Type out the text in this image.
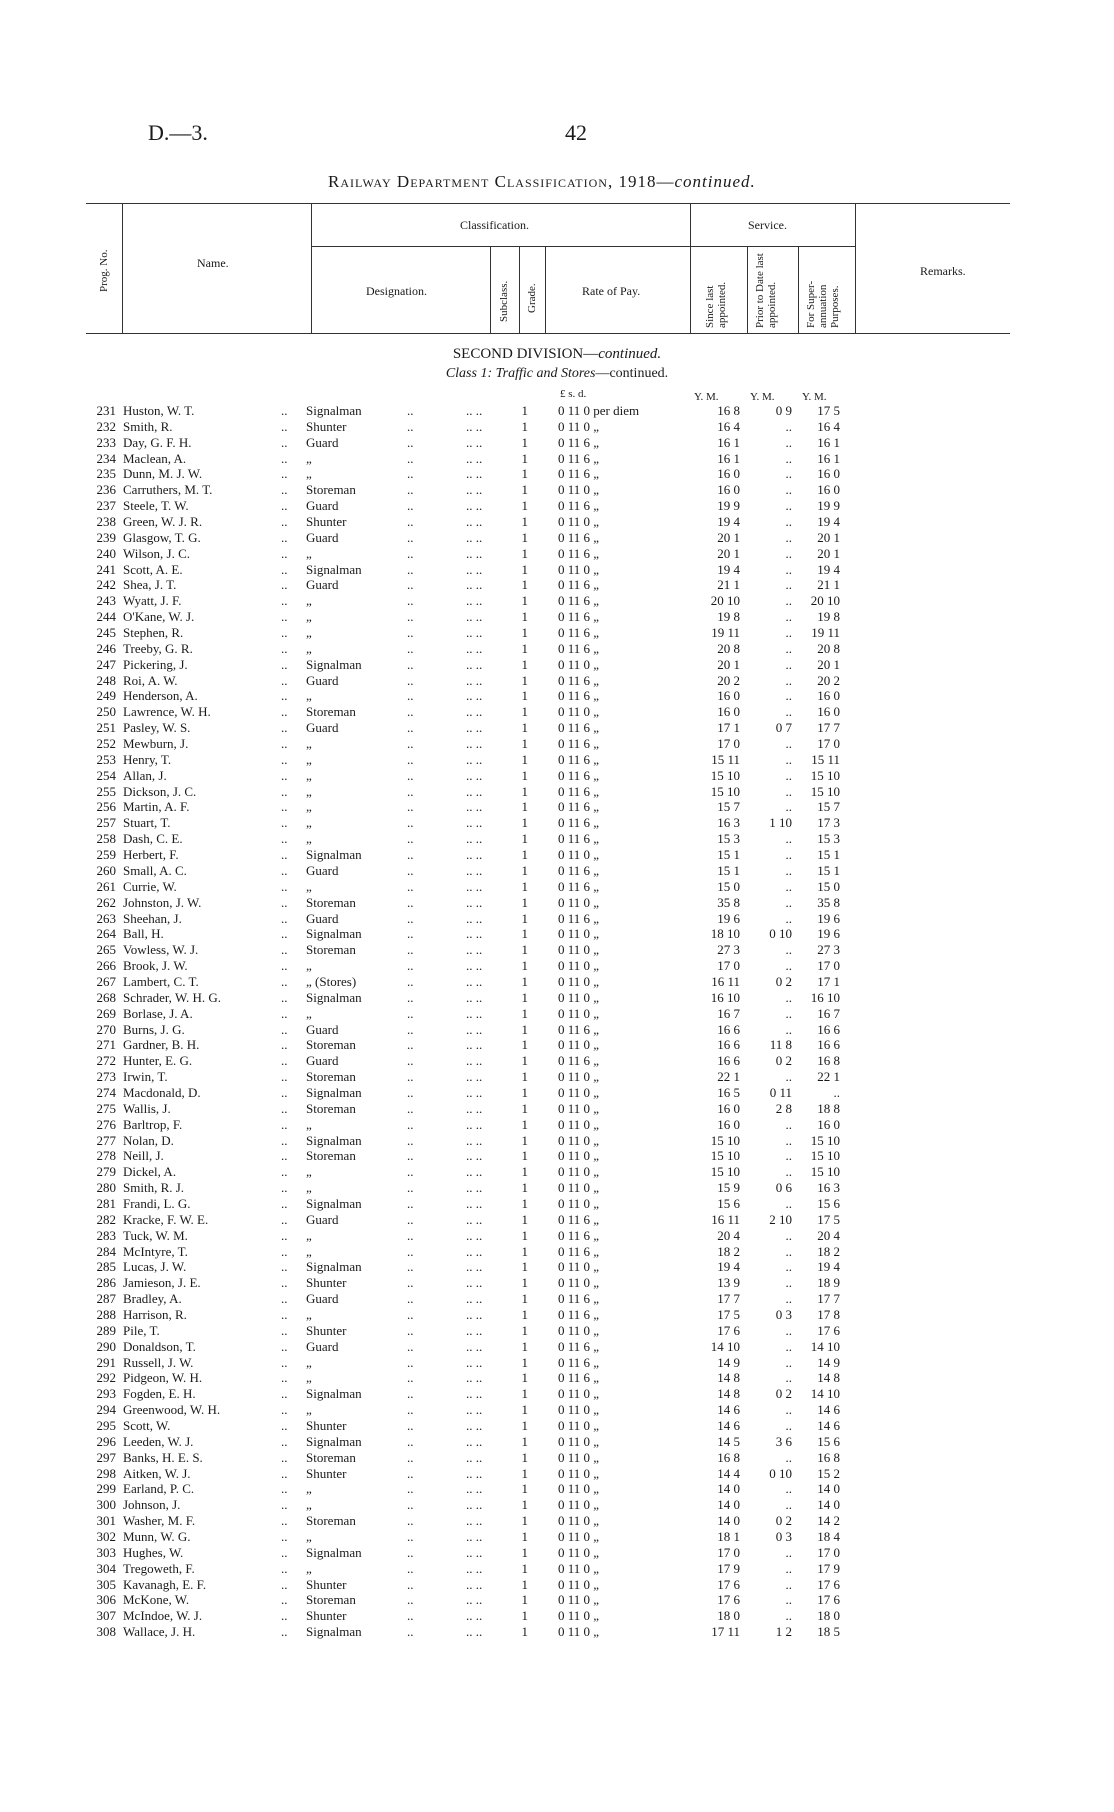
D.—3.	42
Railway Department Classification, 1918—continued.
Prog. No.	Name.
Classification.
Designation.	Subclass. Grade.	Rate of Pay.
Service.
Since last appointed. Prior to Date last appointed. For Super- annuation Purposes.
Remarks.
SECOND DIVISION—continued.
Class 1: Traffic and Stores—continued.
£ s. d.	Y. M.	Y. M. Y. M.
231 Huston, W. T.	.. Signalman	..	.. ..	1 0 11 0 per diem	16 8	0 9	17 5
232 Smith, R.	.. Shunter	..	.. ..	1 0 11 0 „	16 4	..	16 4
233 Day, G. F. H.	.. Guard	..	.. ..	1 0 11 6 „	16 1	..	16 1
234 Maclean, A.	.. „	..	.. ..	1 0 11 6 „	16 1	..	16 1
235 Dunn, M. J. W.	.. „	..	.. ..	1 0 11 6 „	16 0	..	16 0
236 Carruthers, M. T.	.. Storeman	..	.. ..	1 0 11 0 „	16 0	..	16 0
237 Steele, T. W.	.. Guard	..	.. ..	1 0 11 6 „	19 9	..	19 9
238 Green, W. J. R.	.. Shunter	..	.. ..	1 0 11 0 „	19 4	..	19 4
239 Glasgow, T. G.	.. Guard	..	.. ..	1 0 11 6 „	20 1	..	20 1
240 Wilson, J. C.	.. „	..	.. ..	1 0 11 6 „	20 1	..	20 1
241 Scott, A. E.	.. Signalman	..	.. ..	1 0 11 0 „	19 4	..	19 4
242 Shea, J. T.	.. Guard	..	.. ..	1 0 11 6 „	21 1	..	21 1
243 Wyatt, J. F.	.. „	..	.. ..	1 0 11 6 „	20 10	..	20 10
244 O'Kane, W. J.	.. „	..	.. ..	1 0 11 6 „	19 8	..	19 8
245 Stephen, R.	.. „	..	.. ..	1 0 11 6 „	19 11	..	19 11
246 Treeby, G. R.	.. „	..	.. ..	1 0 11 6 „	20 8	..	20 8
247 Pickering, J.	.. Signalman	..	.. ..	1 0 11 0 „	20 1	..	20 1
248 Roi, A. W.	.. Guard	..	.. ..	1 0 11 6 „	20 2	..	20 2
249 Henderson, A.	.. „	..	.. ..	1 0 11 6 „	16 0	..	16 0
250 Lawrence, W. H.	.. Storeman	..	.. ..	1 0 11 0 „	16 0	..	16 0
251 Pasley, W. S.	.. Guard	..	.. ..	1 0 11 6 „	17 1	0 7	17 7
252 Mewburn, J.	.. „	..	.. ..	1 0 11 6 „	17 0	..	17 0
253 Henry, T.	.. „	..	.. ..	1 0 11 6 „	15 11	..	15 11
254 Allan, J.	.. „	..	.. ..	1 0 11 6 „	15 10	..	15 10
255 Dickson, J. C.	.. „	..	.. ..	1 0 11 6 „	15 10	..	15 10
256 Martin, A. F.	.. „	..	.. ..	1 0 11 6 „	15 7	..	15 7
257 Stuart, T.	.. „	..	.. ..	1 0 11 6 „	16 3	1 10	17 3
258 Dash, C. E.	.. „	..	.. ..	1 0 11 6 „	15 3	..	15 3
259 Herbert, F.	.. Signalman	..	.. ..	1 0 11 0 „	15 1	..	15 1
260 Small, A. C.	.. Guard	..	.. ..	1 0 11 6 „	15 1	..	15 1
261 Currie, W.	.. „	..	.. ..	1 0 11 6 „	15 0	..	15 0
262 Johnston, J. W.	.. Storeman	..	.. ..	1 0 11 0 „	35 8	..	35 8
263 Sheehan, J.	.. Guard	..	.. ..	1 0 11 6 „	19 6	..	19 6
264 Ball, H.	.. Signalman	..	.. ..	1 0 11 0 „	18 10	0 10	19 6
265 Vowless, W. J.	.. Storeman	..	.. ..	1 0 11 0 „	27 3	..	27 3
266 Brook, J. W.	.. „	..	.. ..	1 0 11 0 „	17 0	..	17 0
267 Lambert, C. T.	.. „ (Stores)	..	.. ..	1 0 11 0 „	16 11	0 2	17 1
268 Schrader, W. H. G.	.. Signalman	..	.. ..	1 0 11 0 „	16 10	..	16 10
269 Borlase, J. A.	.. „	..	.. ..	1 0 11 0 „	16 7	..	16 7
270 Burns, J. G.	.. Guard	..	.. ..	1 0 11 6 „	16 6	..	16 6
271 Gardner, B. H.	.. Storeman	..	.. ..	1 0 11 0 „	16 6	11 8	16 6
272 Hunter, E. G.	.. Guard	..	.. ..	1 0 11 6 „	16 6	0 2	16 8
273 Irwin, T.	.. Storeman	..	.. ..	1 0 11 0 „	22 1	..	22 1
274 Macdonald, D.	.. Signalman	..	.. ..	1 0 11 0 „	16 5	0 11	..
275 Wallis, J.	.. Storeman	..	.. ..	1 0 11 0 „	16 0	2 8	18 8
276 Barltrop, F.	.. „	..	.. ..	1 0 11 0 „	16 0	..	16 0
277 Nolan, D.	.. Signalman	..	.. ..	1 0 11 0 „	15 10	..	15 10
278 Neill, J.	.. Storeman	..	.. ..	1 0 11 0 „	15 10	..	15 10
279 Dickel, A.	.. „	..	.. ..	1 0 11 0 „	15 10	..	15 10
280 Smith, R. J.	.. „	..	.. ..	1 0 11 0 „	15 9	0 6	16 3
281 Frandi, L. G.	.. Signalman	..	.. ..	1 0 11 0 „	15 6	..	15 6
282 Kracke, F. W. E.	.. Guard	..	.. ..	1 0 11 6 „	16 11	2 10	17 5
283 Tuck, W. M.	.. „	..	.. ..	1 0 11 6 „	20 4	..	20 4
284 McIntyre, T.	.. „	..	.. ..	1 0 11 6 „	18 2	..	18 2
285 Lucas, J. W.	.. Signalman	..	.. ..	1 0 11 0 „	19 4	..	19 4
286 Jamieson, J. E.	.. Shunter	..	.. ..	1 0 11 0 „	13 9	..	18 9
287 Bradley, A.	.. Guard	..	.. ..	1 0 11 6 „	17 7	..	17 7
288 Harrison, R.	.. „	..	.. ..	1 0 11 6 „	17 5	0 3	17 8
289 Pile, T.	.. Shunter	..	.. ..	1 0 11 0 „	17 6	..	17 6
290 Donaldson, T.	.. Guard	..	.. ..	1 0 11 6 „	14 10	..	14 10
291 Russell, J. W.	.. „	..	.. ..	1 0 11 6 „	14 9	..	14 9
292 Pidgeon, W. H.	.. „	..	.. ..	1 0 11 6 „	14 8	..	14 8
293 Fogden, E. H.	.. Signalman	..	.. ..	1 0 11 0 „	14 8	0 2	14 10
294 Greenwood, W. H.	.. „	..	.. ..	1 0 11 0 „	14 6	..	14 6
295 Scott, W.	.. Shunter	..	.. ..	1 0 11 0 „	14 6	..	14 6
296 Leeden, W. J.	.. Signalman	..	.. ..	1 0 11 0 „	14 5	3 6	15 6
297 Banks, H. E. S.	.. Storeman	..	.. ..	1 0 11 0 „	16 8	..	16 8
298 Aitken, W. J.	.. Shunter	..	.. ..	1 0 11 0 „	14 4	0 10	15 2
299 Earland, P. C.	.. „	..	.. ..	1 0 11 0 „	14 0	..	14 0
300 Johnson, J.	.. „	..	.. ..	1 0 11 0 „	14 0	..	14 0
301 Washer, M. F.	.. Storeman	..	.. ..	1 0 11 0 „	14 0	0 2	14 2
302 Munn, W. G.	.. „	..	.. ..	1 0 11 0 „	18 1	0 3	18 4
303 Hughes, W.	.. Signalman	..	.. ..	1 0 11 0 „	17 0	..	17 0
304 Tregoweth, F.	.. „	..	.. ..	1 0 11 0 „	17 9	..	17 9
305 Kavanagh, E. F.	.. Shunter	..	.. ..	1 0 11 0 „	17 6	..	17 6
306 McKone, W.	.. Storeman	..	.. ..	1 0 11 0 „	17 6	..	17 6
307 McIndoe, W. J.	.. Shunter	..	.. ..	1 0 11 0 „	18 0	..	18 0
308 Wallace, J. H.	.. Signalman	..	.. ..	1 0 11 0 „	17 11	1 2	18 5
